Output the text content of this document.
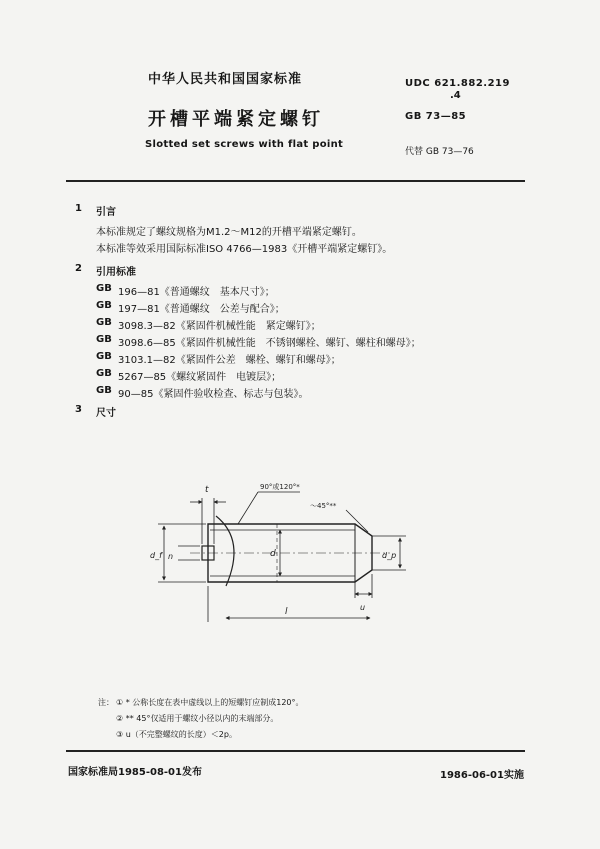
中华人民共和国国家标准
开槽平端紧定螺钉
Slotted set screws with flat point
UDC 621.882.219
.4
GB 73—85
代替 GB 73—76
1 引言
本标准规定了螺纹规格为M1.2～M12的开槽平端紧定螺钉。
本标准等效采用国际标准ISO 4766—1983《开槽平端紧定螺钉》。
2 引用标准
GB 196—81《普通螺纹　基本尺寸》；
GB 197—81《普通螺纹　公差与配合》；
GB 3098.3—82《紧固件机械性能　紧定螺钉》；
GB 3098.6—85《紧固件机械性能　不锈钢螺栓、螺钉、螺柱和螺母》；
GB 3103.1—82《紧固件公差　螺栓、螺钉和螺母》；
GB 5267—85《螺纹紧固件　电镀层》；
GB 90—85《紧固件验收检查、标志与包装》。
3 尺寸
t
n
d_f	d	d_p
u
l
90°或120°*
～45°**
注： ① * 公称长度在表中虚线以上的短螺钉应制成120°。
② ** 45°仅适用于螺纹小径以内的末端部分。
③ u（不完整螺纹的长度）＜2p。
国家标准局1985-08-01发布	1986-06-01实施
